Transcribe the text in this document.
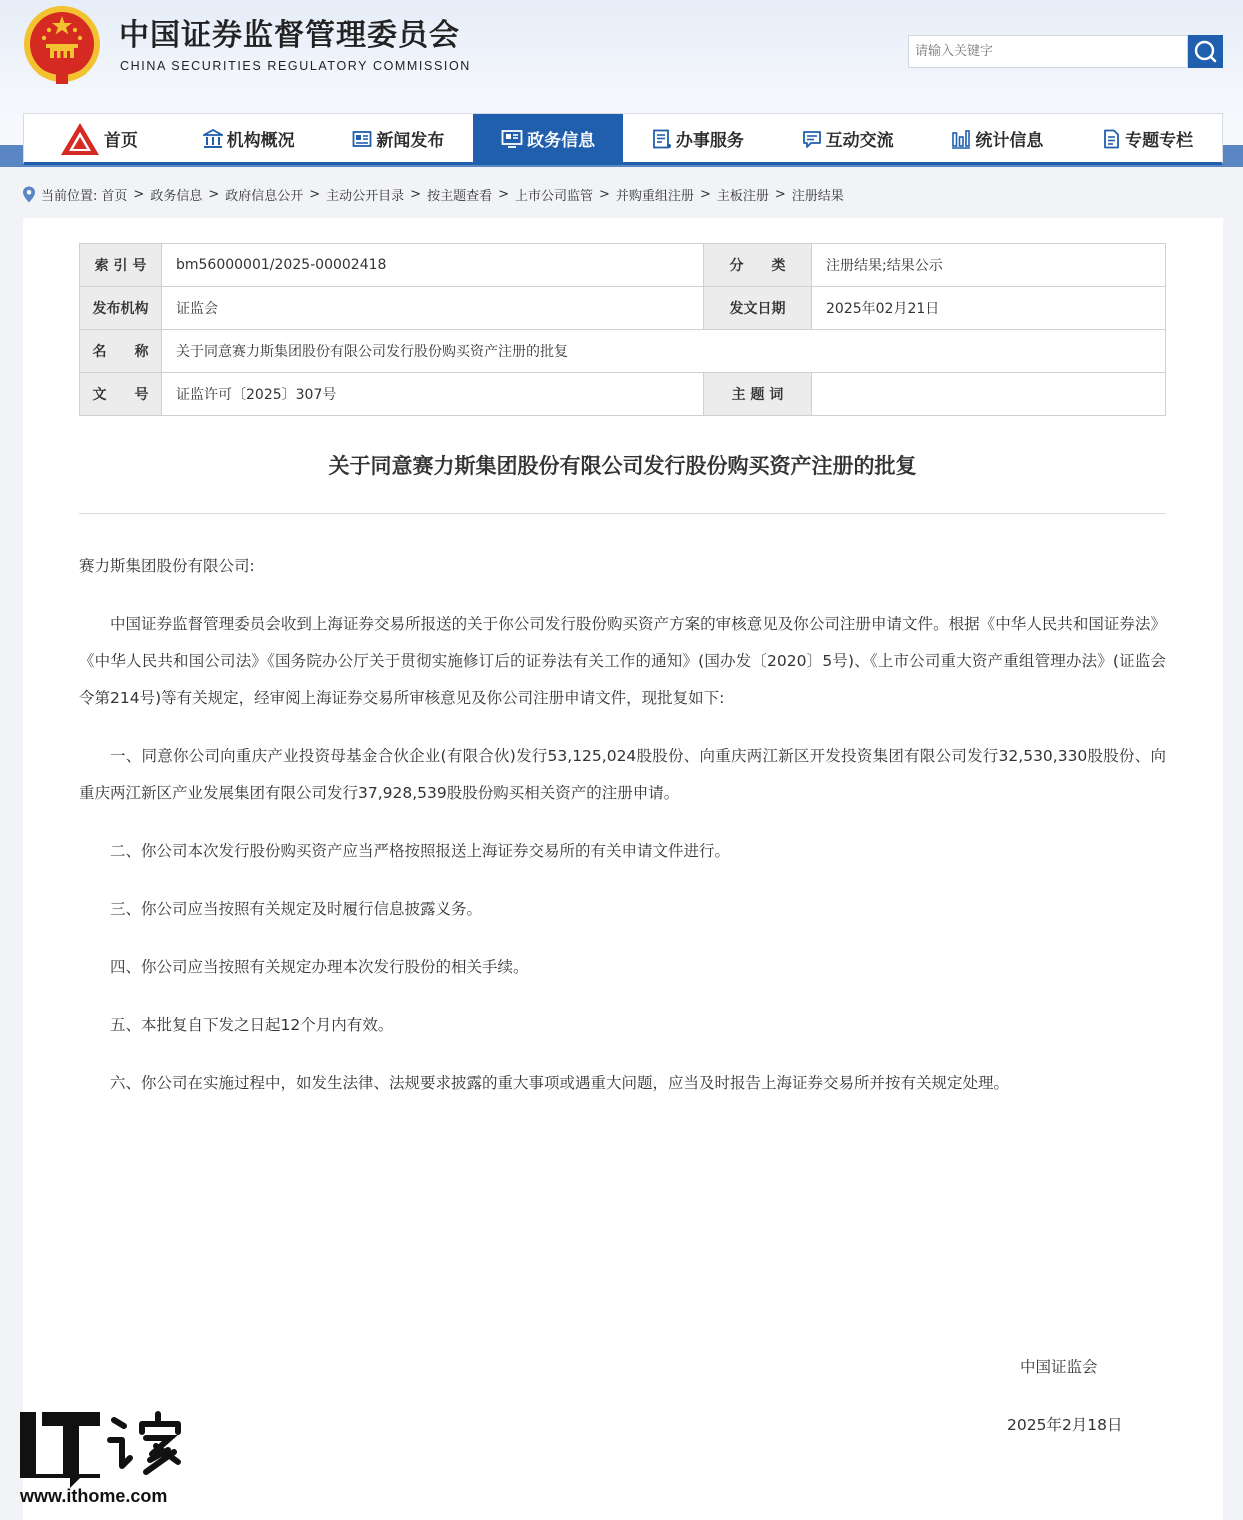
中国证券监督管理委员会
CHINA SECURITIES REGULATORY COMMISSION
请输入关键字
首页	机构概况	新闻发布	政务信息	办事服务	互动交流	统计信息	专题专栏
当前位置: 首页 > 政务信息 > 政府信息公开 > 主动公开目录 > 按主题查看 > 上市公司监管 > 并购重组注册 > 主板注册 > 注册结果
索 引 号	bm56000001/2025-00002418	分　　类	注册结果;结果公示
发布机构	证监会	发文日期	2025年02月21日
名　　称	关于同意赛力斯集团股份有限公司发行股份购买资产注册的批复		
文　　号	证监许可〔2025〕307号	主 题 词	
关于同意赛力斯集团股份有限公司发行股份购买资产注册的批复

赛力斯集团股份有限公司:

中国证券监督管理委员会收到上海证券交易所报送的关于你公司发行股份购买资产方案的审核意见及你公司注册申请文件。根据《中华人民共和国证券法》《中华人民共和国公司法》《国务院办公厅关于贯彻实施修订后的证券法有关工作的通知》(国办发〔2020〕5号)、《上市公司重大资产重组管理办法》(证监会令第214号)等有关规定，经审阅上海证券交易所审核意见及你公司注册申请文件，现批复如下:

一、同意你公司向重庆产业投资母基金合伙企业(有限合伙)发行53,125,024股股份、向重庆两江新区开发投资集团有限公司发行32,530,330股股份、向重庆两江新区产业发展集团有限公司发行37,928,539股股份购买相关资产的注册申请。

二、你公司本次发行股份购买资产应当严格按照报送上海证券交易所的有关申请文件进行。

三、你公司应当按照有关规定及时履行信息披露义务。

四、你公司应当按照有关规定办理本次发行股份的相关手续。

五、本批复自下发之日起12个月内有效。

六、你公司在实施过程中，如发生法律、法规要求披露的重大事项或遇重大问题，应当及时报告上海证券交易所并按有关规定处理。

中国证监会
2025年2月18日
www.ithome.com
